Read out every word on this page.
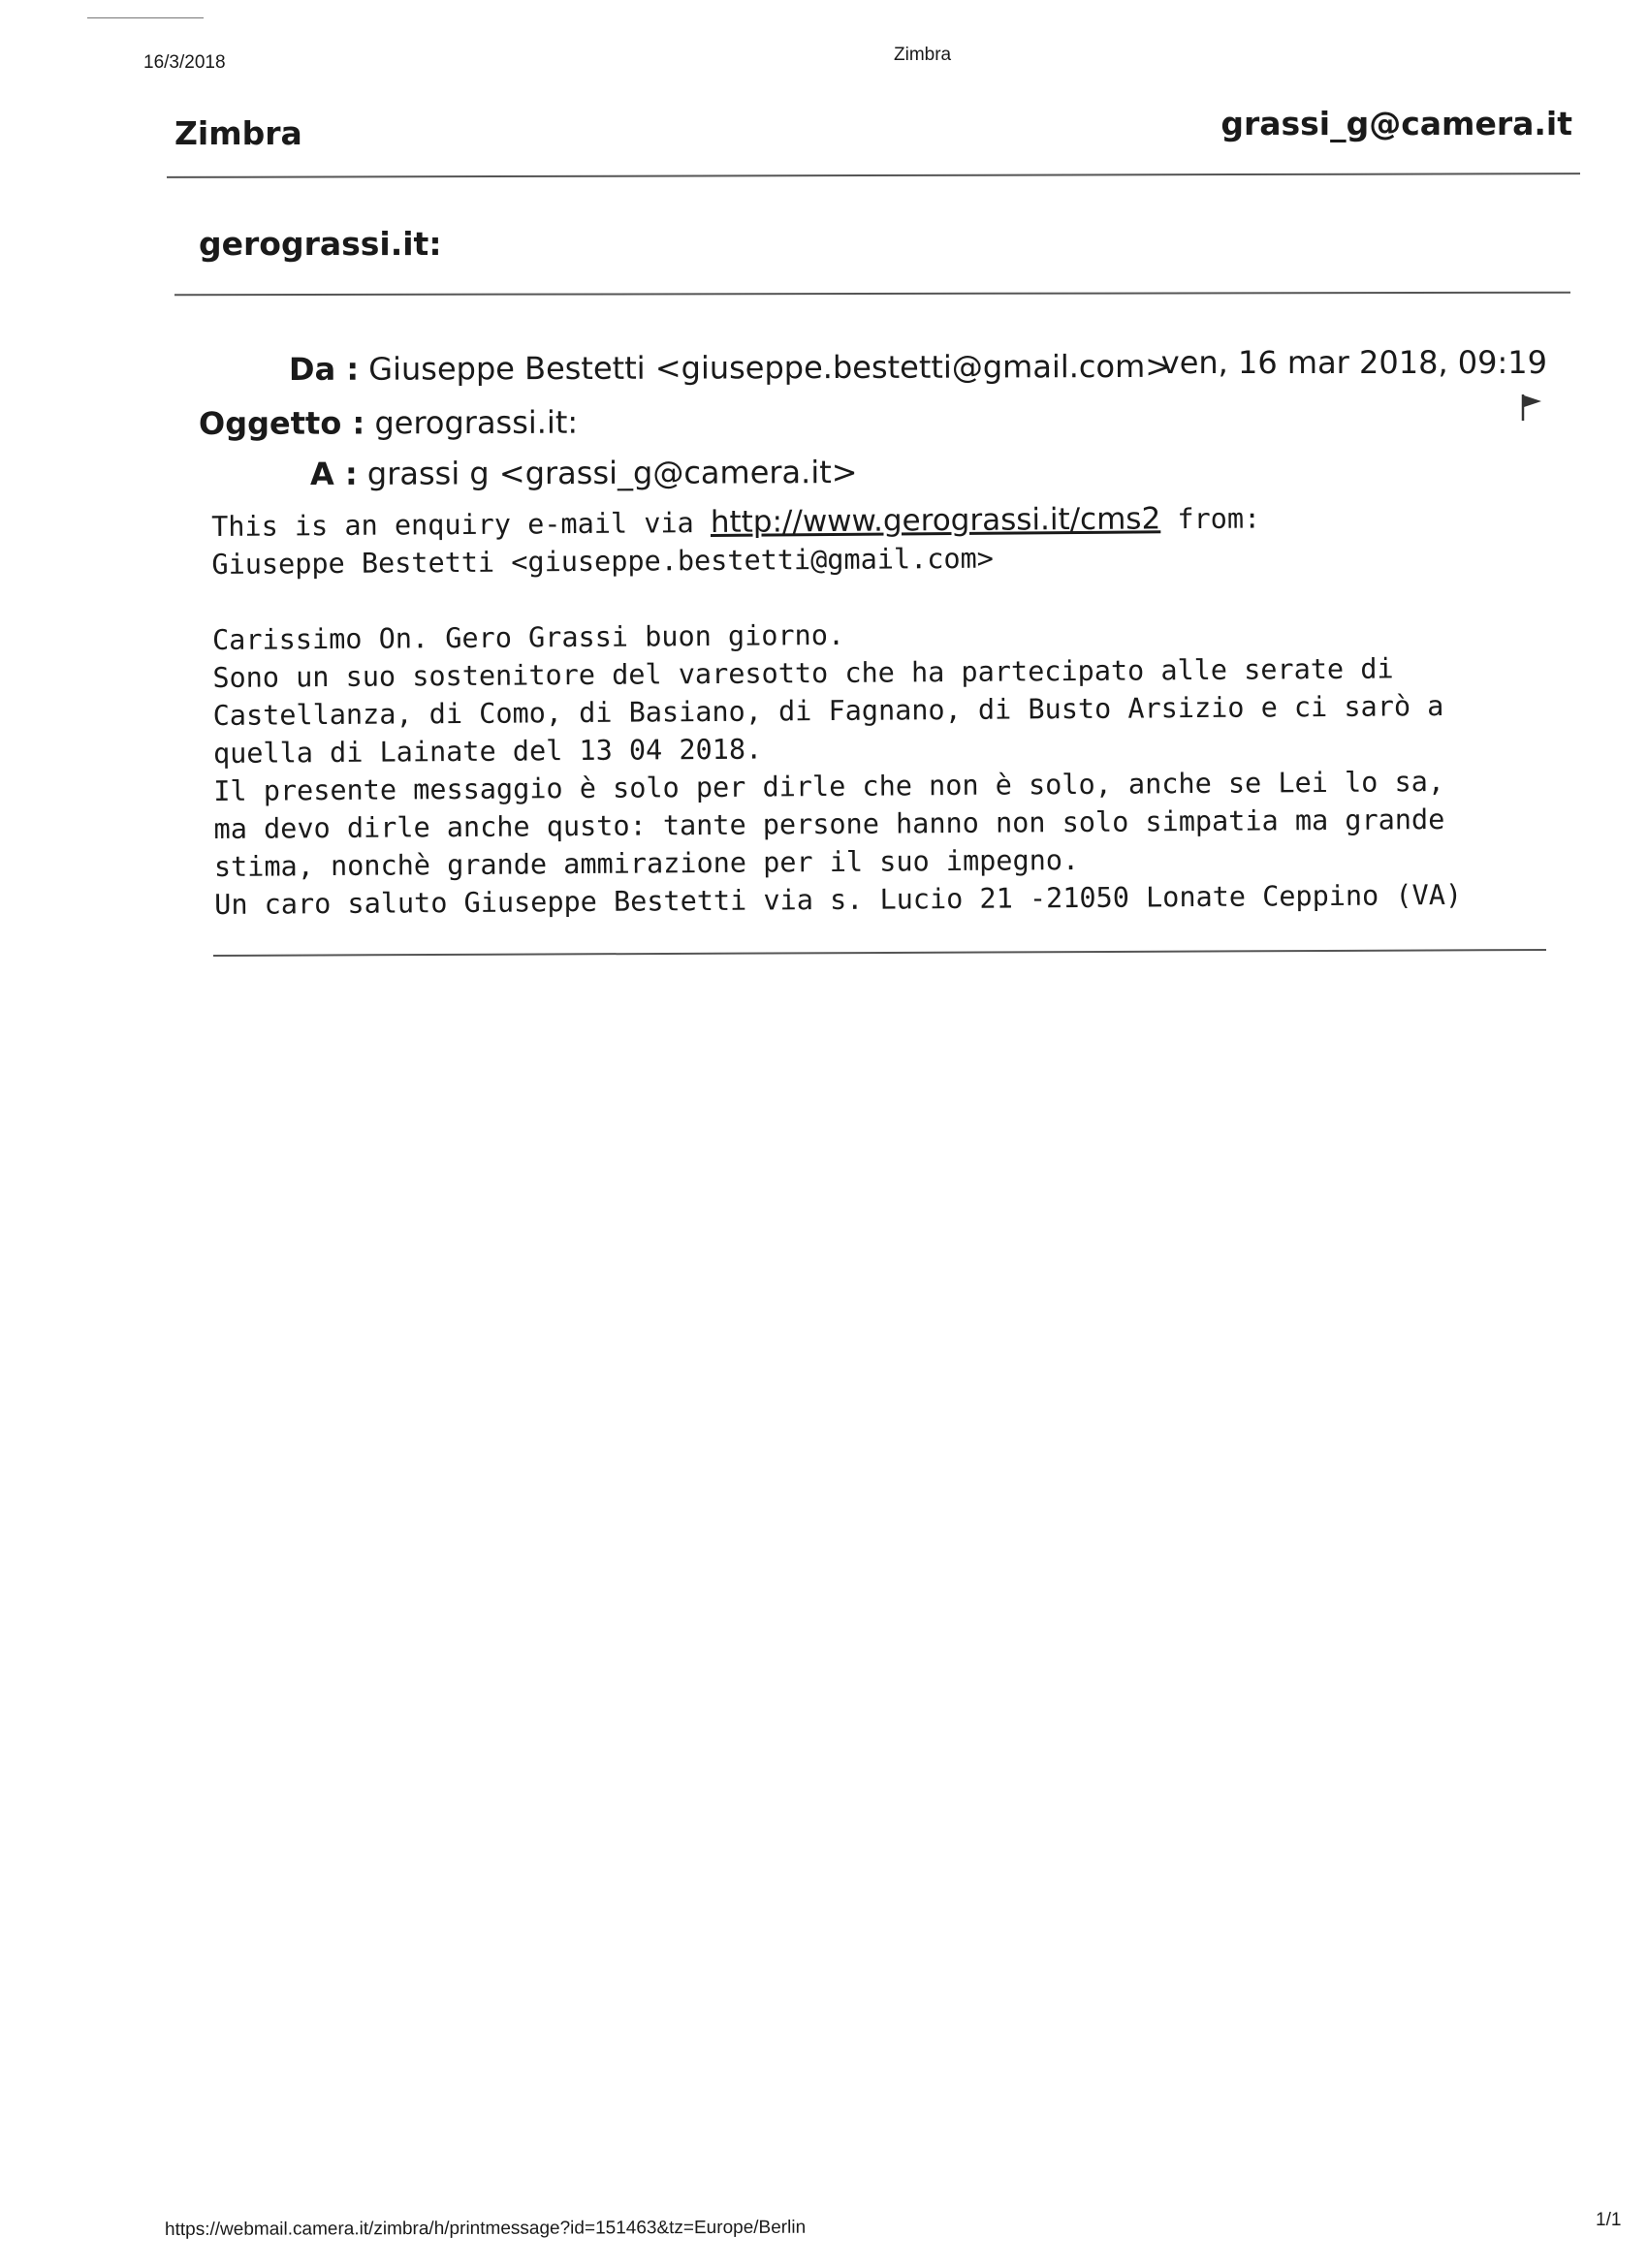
16/3/2018	Zimbra
Zimbra	grassi_g@camera.it
gerograssi.it:
Da : Giuseppe Bestetti <giuseppe.bestetti@gmail.com>
ven, 16 mar 2018, 09:19
Oggetto : gerograssi.it:
A : grassi g <grassi_g@camera.it>
This is an enquiry e-mail via http://www.gerograssi.it/cms2 from:
Giuseppe Bestetti <giuseppe.bestetti@gmail.com>
Carissimo On. Gero Grassi buon giorno.
Sono un suo sostenitore del varesotto che ha partecipato alle serate di
Castellanza, di Como, di Basiano, di Fagnano, di Busto Arsizio e ci sarò a
quella di Lainate del 13 04 2018.
Il presente messaggio è solo per dirle che non è solo, anche se Lei lo sa,
ma devo dirle anche qusto: tante persone hanno non solo simpatia ma grande
stima, nonchè grande ammirazione per il suo impegno.
Un caro saluto Giuseppe Bestetti via s. Lucio 21 -21050 Lonate Ceppino (VA)
https://webmail.camera.it/zimbra/h/printmessage?id=151463&tz=Europe/Berlin	1/1
